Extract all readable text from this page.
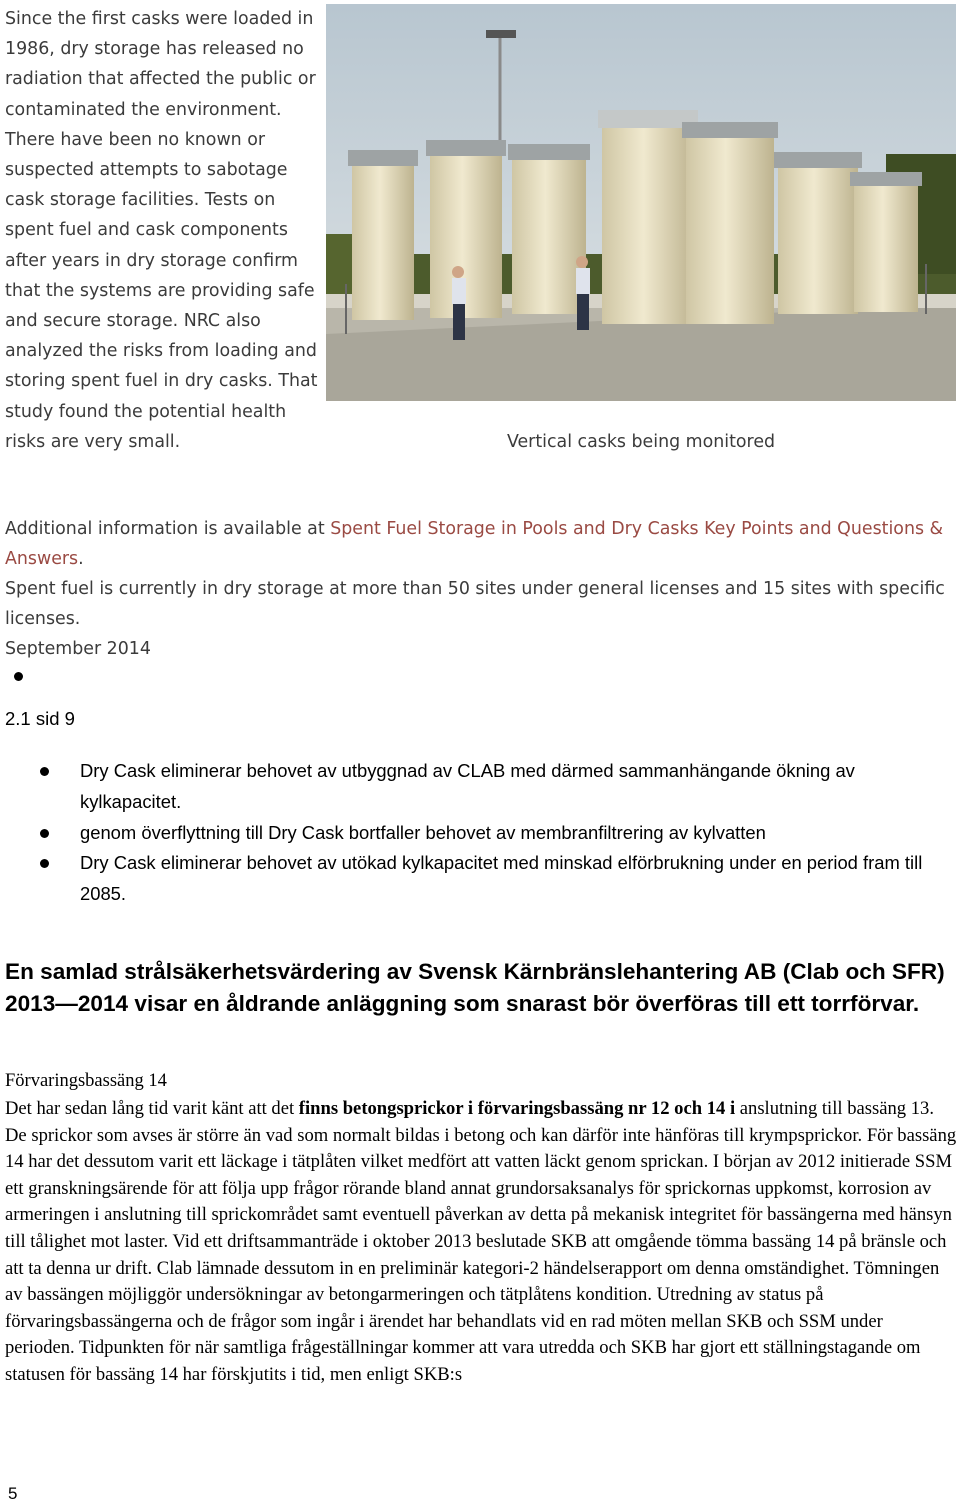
Since the first casks were loaded in 1986, dry storage has released no radiation that affected the public or contaminated the environment. There have been no known or suspected attempts to sabotage cask storage facilities. Tests on spent fuel and cask components after years in dry storage confirm that the systems are providing safe and secure storage. NRC also analyzed the risks from loading and storing spent fuel in dry casks. That study found the potential health risks are very small.	Vertical casks being monitored

Additional information is available at Spent Fuel Storage in Pools and Dry Casks Key Points and Questions & Answers.

Spent fuel is currently in dry storage at more than 50 sites under general licenses and 15 sites with specific licenses.

September 2014

2.1 sid 9
Dry Cask eliminerar behovet av utbyggnad av CLAB med därmed sammanhängande ökning av kylkapacitet.
genom överflyttning till Dry Cask bortfaller behovet av membranfiltrering av kylvatten
Dry Cask eliminerar behovet av utökad kylkapacitet med minskad elförbrukning under en period fram till 2085.
En samlad strålsäkerhetsvärdering av Svensk Kärnbränslehantering AB (Clab och SFR) 2013—2014 visar en åldrande anläggning som snarast bör överföras till ett torrförvar.
Förvaringsbassäng 14

Det har sedan lång tid varit känt att det finns betongsprickor i förvaringsbassäng nr 12 och 14 i anslutning till bassäng 13. De sprickor som avses är större än vad som normalt bildas i betong och kan därför inte hänföras till krympsprickor. För bassäng 14 har det dessutom varit ett läckage i tätplåten vilket medfört att vatten läckt genom sprickan. I början av 2012 initierade SSM ett granskningsärende för att följa upp frågor rörande bland annat grundorsaksanalys för sprickornas uppkomst, korrosion av armeringen i anslutning till sprickområdet samt eventuell påverkan av detta på mekanisk integritet för bassängerna med hänsyn till tålighet mot laster. Vid ett driftsammanträde i oktober 2013 beslutade SKB att omgående tömma bassäng 14 på bränsle och att ta denna ur drift. Clab lämnade dessutom in en preliminär kategori-2 händelserapport om denna omständighet. Tömningen av bassängen möjliggör undersökningar av betongarmeringen och tätplåtens kondition. Utredning av status på förvaringsbassängerna och de frågor som ingår i ärendet har behandlats vid en rad möten mellan SKB och SSM under perioden. Tidpunkten för när samtliga frågeställningar kommer att vara utredda och SKB har gjort ett ställningstagande om statusen för bassäng 14 har förskjutits i tid, men enligt SKB:s

5
